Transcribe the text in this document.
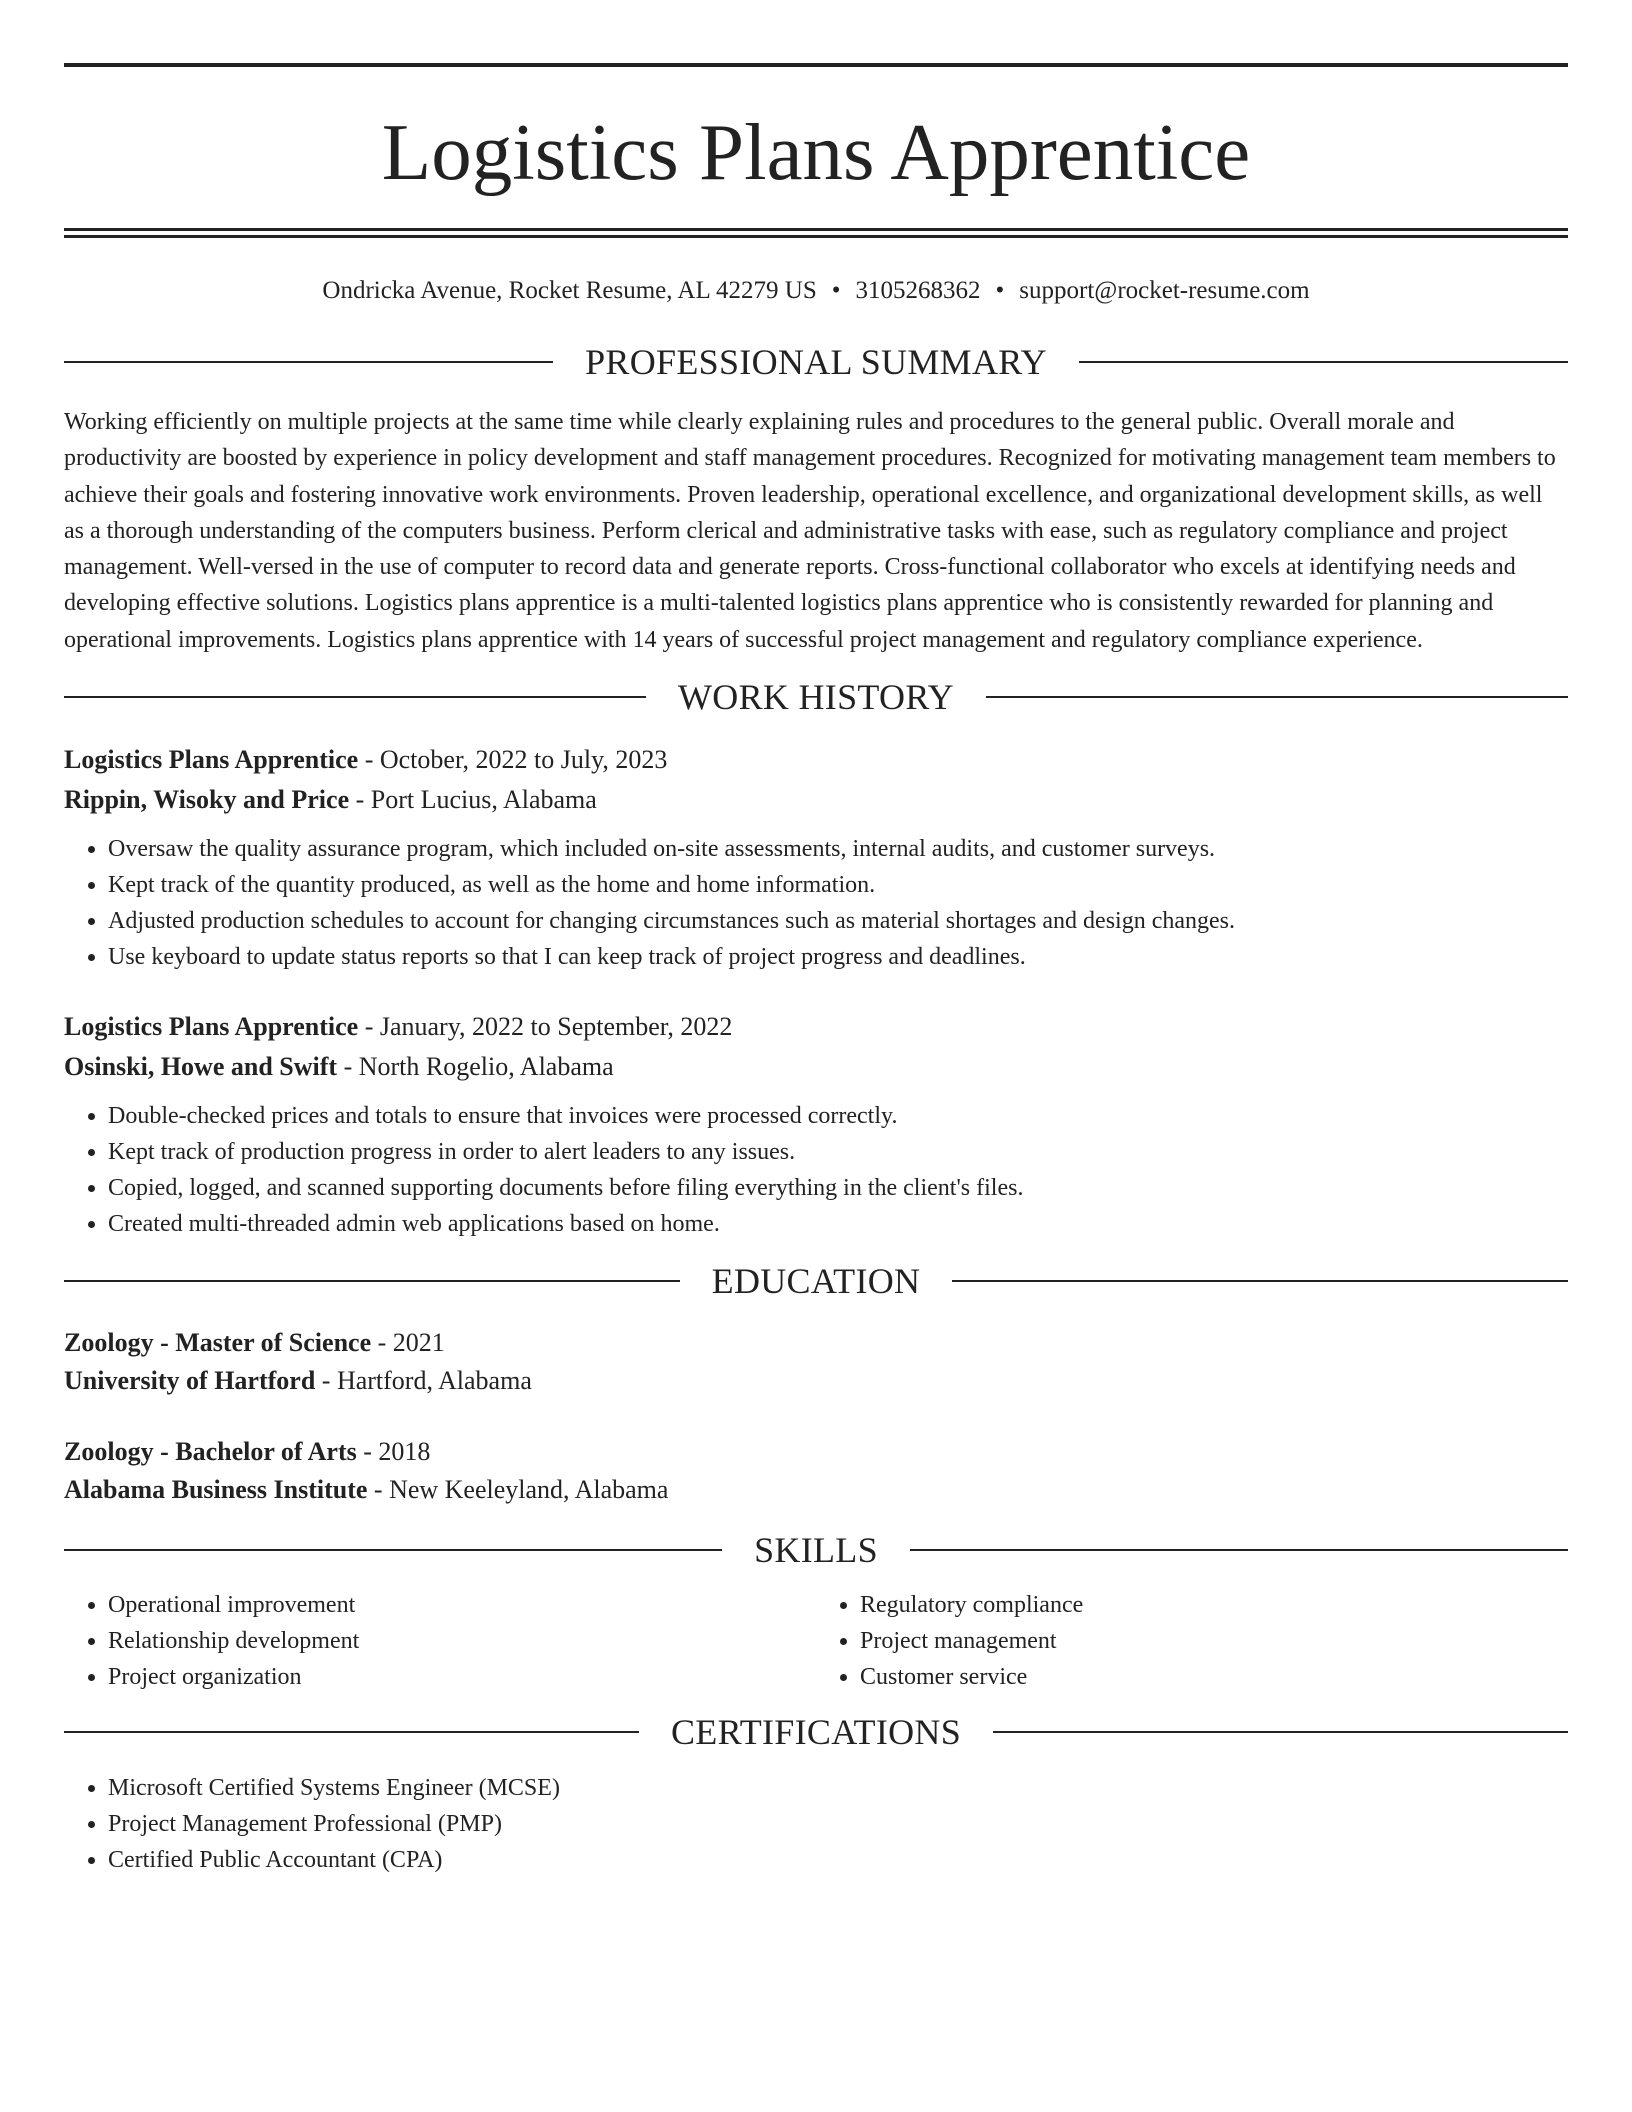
Logistics Plans Apprentice
Ondricka Avenue, Rocket Resume, AL 42279 US • 3105268362 • support@rocket-resume.com
PROFESSIONAL SUMMARY

Working efficiently on multiple projects at the same time while clearly explaining rules and procedures to the general public. Overall morale and productivity are boosted by experience in policy development and staff management procedures. Recognized for motivating management team members to achieve their goals and fostering innovative work environments. Proven leadership, operational excellence, and organizational development skills, as well as a thorough understanding of the computers business. Perform clerical and administrative tasks with ease, such as regulatory compliance and project management. Well-versed in the use of computer to record data and generate reports. Cross-functional collaborator who excels at identifying needs and developing effective solutions. Logistics plans apprentice is a multi-talented logistics plans apprentice who is consistently rewarded for planning and operational improvements. Logistics plans apprentice with 14 years of successful project management and regulatory compliance experience.

WORK HISTORY
Logistics Plans Apprentice - October, 2022 to July, 2023
Rippin, Wisoky and Price - Port Lucius, Alabama
• Oversaw the quality assurance program, which included on-site assessments, internal audits, and customer surveys.
• Kept track of the quantity produced, as well as the home and home information.
• Adjusted production schedules to account for changing circumstances such as material shortages and design changes.
• Use keyboard to update status reports so that I can keep track of project progress and deadlines.
Logistics Plans Apprentice - January, 2022 to September, 2022
Osinski, Howe and Swift - North Rogelio, Alabama
• Double-checked prices and totals to ensure that invoices were processed correctly.
• Kept track of production progress in order to alert leaders to any issues.
• Copied, logged, and scanned supporting documents before filing everything in the client's files.
• Created multi-threaded admin web applications based on home.
EDUCATION
Zoology - Master of Science - 2021
University of Hartford - Hartford, Alabama
Zoology - Bachelor of Arts - 2018
Alabama Business Institute - New Keeleyland, Alabama
SKILLS
• Operational improvement
• Relationship development
• Project organization
• Regulatory compliance
• Project management
• Customer service
CERTIFICATIONS
• Microsoft Certified Systems Engineer (MCSE)
• Project Management Professional (PMP)
• Certified Public Accountant (CPA)
